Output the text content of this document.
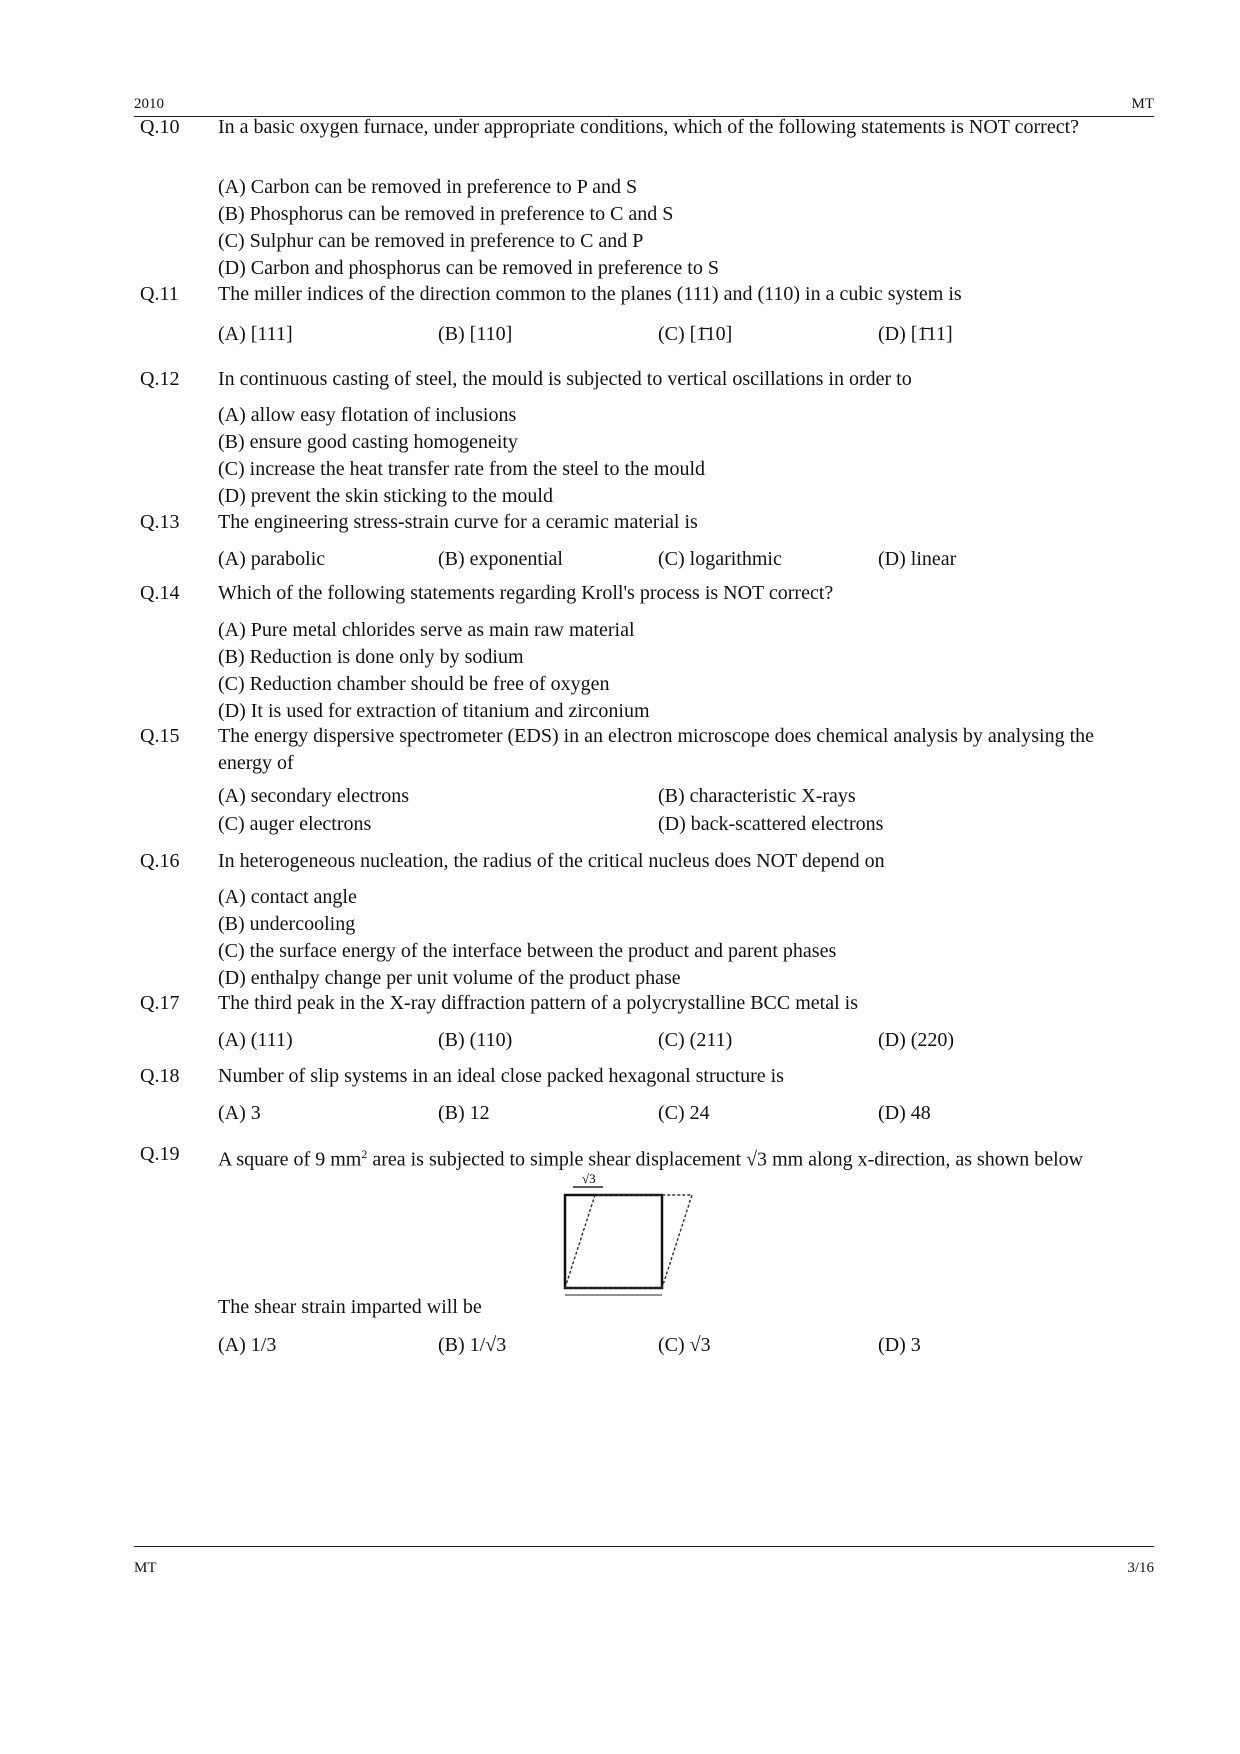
2010	MT
Q.10	In a basic oxygen furnace, under appropriate conditions, which of the following statements is NOT correct?
(A) Carbon can be removed in preference to P and S
(B) Phosphorus can be removed in preference to C and S
(C) Sulphur can be removed in preference to C and P
(D) Carbon and phosphorus can be removed in preference to S
Q.11	The miller indices of the direction common to the planes (111) and (110) in a cubic system is
(A) [111]	(B) [110]	(C) [1̄10]	(D) [1̄11]
Q.12	In continuous casting of steel, the mould is subjected to vertical oscillations in order to
(A) allow easy flotation of inclusions
(B) ensure good casting homogeneity
(C) increase the heat transfer rate from the steel to the mould
(D) prevent the skin sticking to the mould
Q.13	The engineering stress-strain curve for a ceramic material is
(A) parabolic	(B) exponential	(C) logarithmic	(D) linear
Q.14	Which of the following statements regarding Kroll's process is NOT correct?
(A) Pure metal chlorides serve as main raw material
(B) Reduction is done only by sodium
(C) Reduction chamber should be free of oxygen
(D) It is used for extraction of titanium and zirconium
Q.15	The energy dispersive spectrometer (EDS) in an electron microscope does chemical analysis by analysing the energy of
(A) secondary electrons	(B) characteristic X-rays
(C) auger electrons	(D) back-scattered electrons
Q.16	In heterogeneous nucleation, the radius of the critical nucleus does NOT depend on
(A) contact angle
(B) undercooling
(C) the surface energy of the interface between the product and parent phases
(D) enthalpy change per unit volume of the product phase
Q.17	The third peak in the X-ray diffraction pattern of a polycrystalline BCC metal is
(A) (111)	(B) (110)	(C) (211)	(D) (220)
Q.18	Number of slip systems in an ideal close packed hexagonal structure is
(A) 3	(B) 12	(C) 24	(D) 48
Q.19	A square of 9 $mm^2$ area is subjected to simple shear displacement √3 mm along x-direction, as shown below
√3
The shear strain imparted will be
(A) 1/3	(B) 1/√3	(C) √3	(D) 3
MT	3/16
